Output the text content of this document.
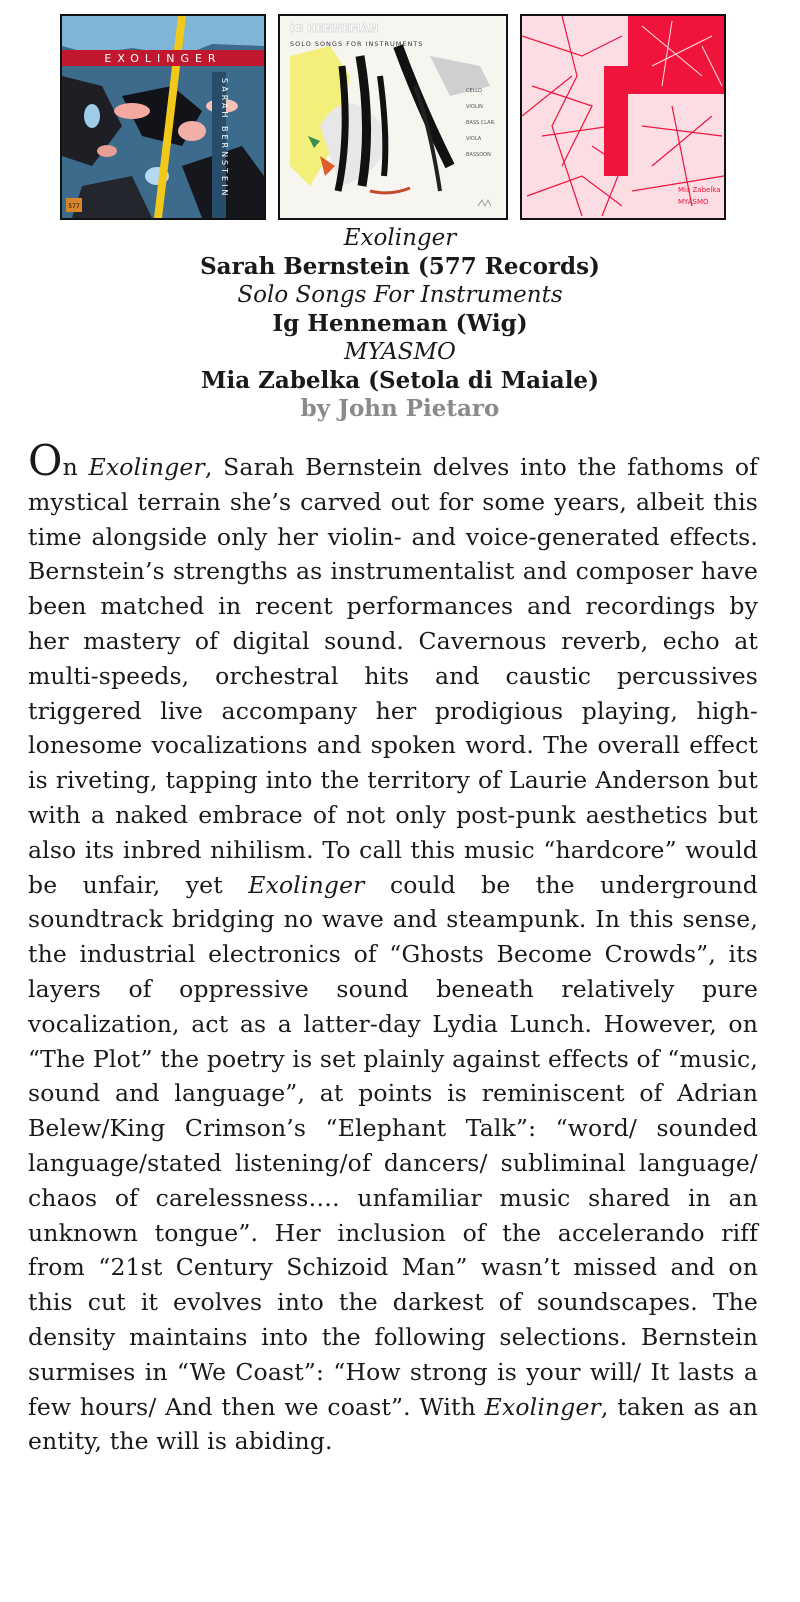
EXOLINGER
SARAH BERNSTEIN
577
IG HENNEMAN
SOLO SONGS FOR INSTRUMENTS
CELLO
VIOLIN
BASS CLAR.
VIOLA
BASSOON
Mia Zabelka
MYASMO
Exolinger
Sarah Bernstein (577 Records)
Solo Songs For Instruments
Ig Henneman (Wig)
MYASMO
Mia Zabelka (Setola di Maiale)
by John Pietaro
On Exolinger, Sarah Bernstein delves into the fathoms of mystical terrain she’s carved out for some years, albeit this time alongside only her violin- and voice-generated effects. Bernstein’s strengths as instrumentalist and composer have been matched in recent performances and recordings by her mastery of digital sound. Cavernous reverb, echo at multi-speeds, orchestral hits and caustic percussives triggered live accompany her prodigious playing, high-lonesome vocalizations and spoken word. The overall effect is riveting, tapping into the territory of Laurie Anderson but with a naked embrace of not only post-punk aesthetics but also its inbred nihilism. To call this music “hardcore” would be unfair, yet Exolinger could be the underground soundtrack bridging no wave and steampunk. In this sense, the industrial electronics of “Ghosts Become Crowds”, its layers of oppressive sound beneath relatively pure vocalization, act as a latter-day Lydia Lunch. However, on “The Plot” the poetry is set plainly against effects of “music, sound and language”, at points is reminiscent of Adrian Belew/King Crimson’s “Elephant Talk”: “word/ sounded language/stated listening/of dancers/ subliminal language/ chaos of carelessness…. unfamiliar music shared in an unknown tongue”. Her inclusion of the accelerando riff from “21st Century Schizoid Man” wasn’t missed and on this cut it evolves into the darkest of soundscapes. The density maintains into the following selections. Bernstein surmises in “We Coast”: “How strong is your will/ It lasts a few hours/ And then we coast”. With Exolinger, taken as an entity, the will is abiding.
